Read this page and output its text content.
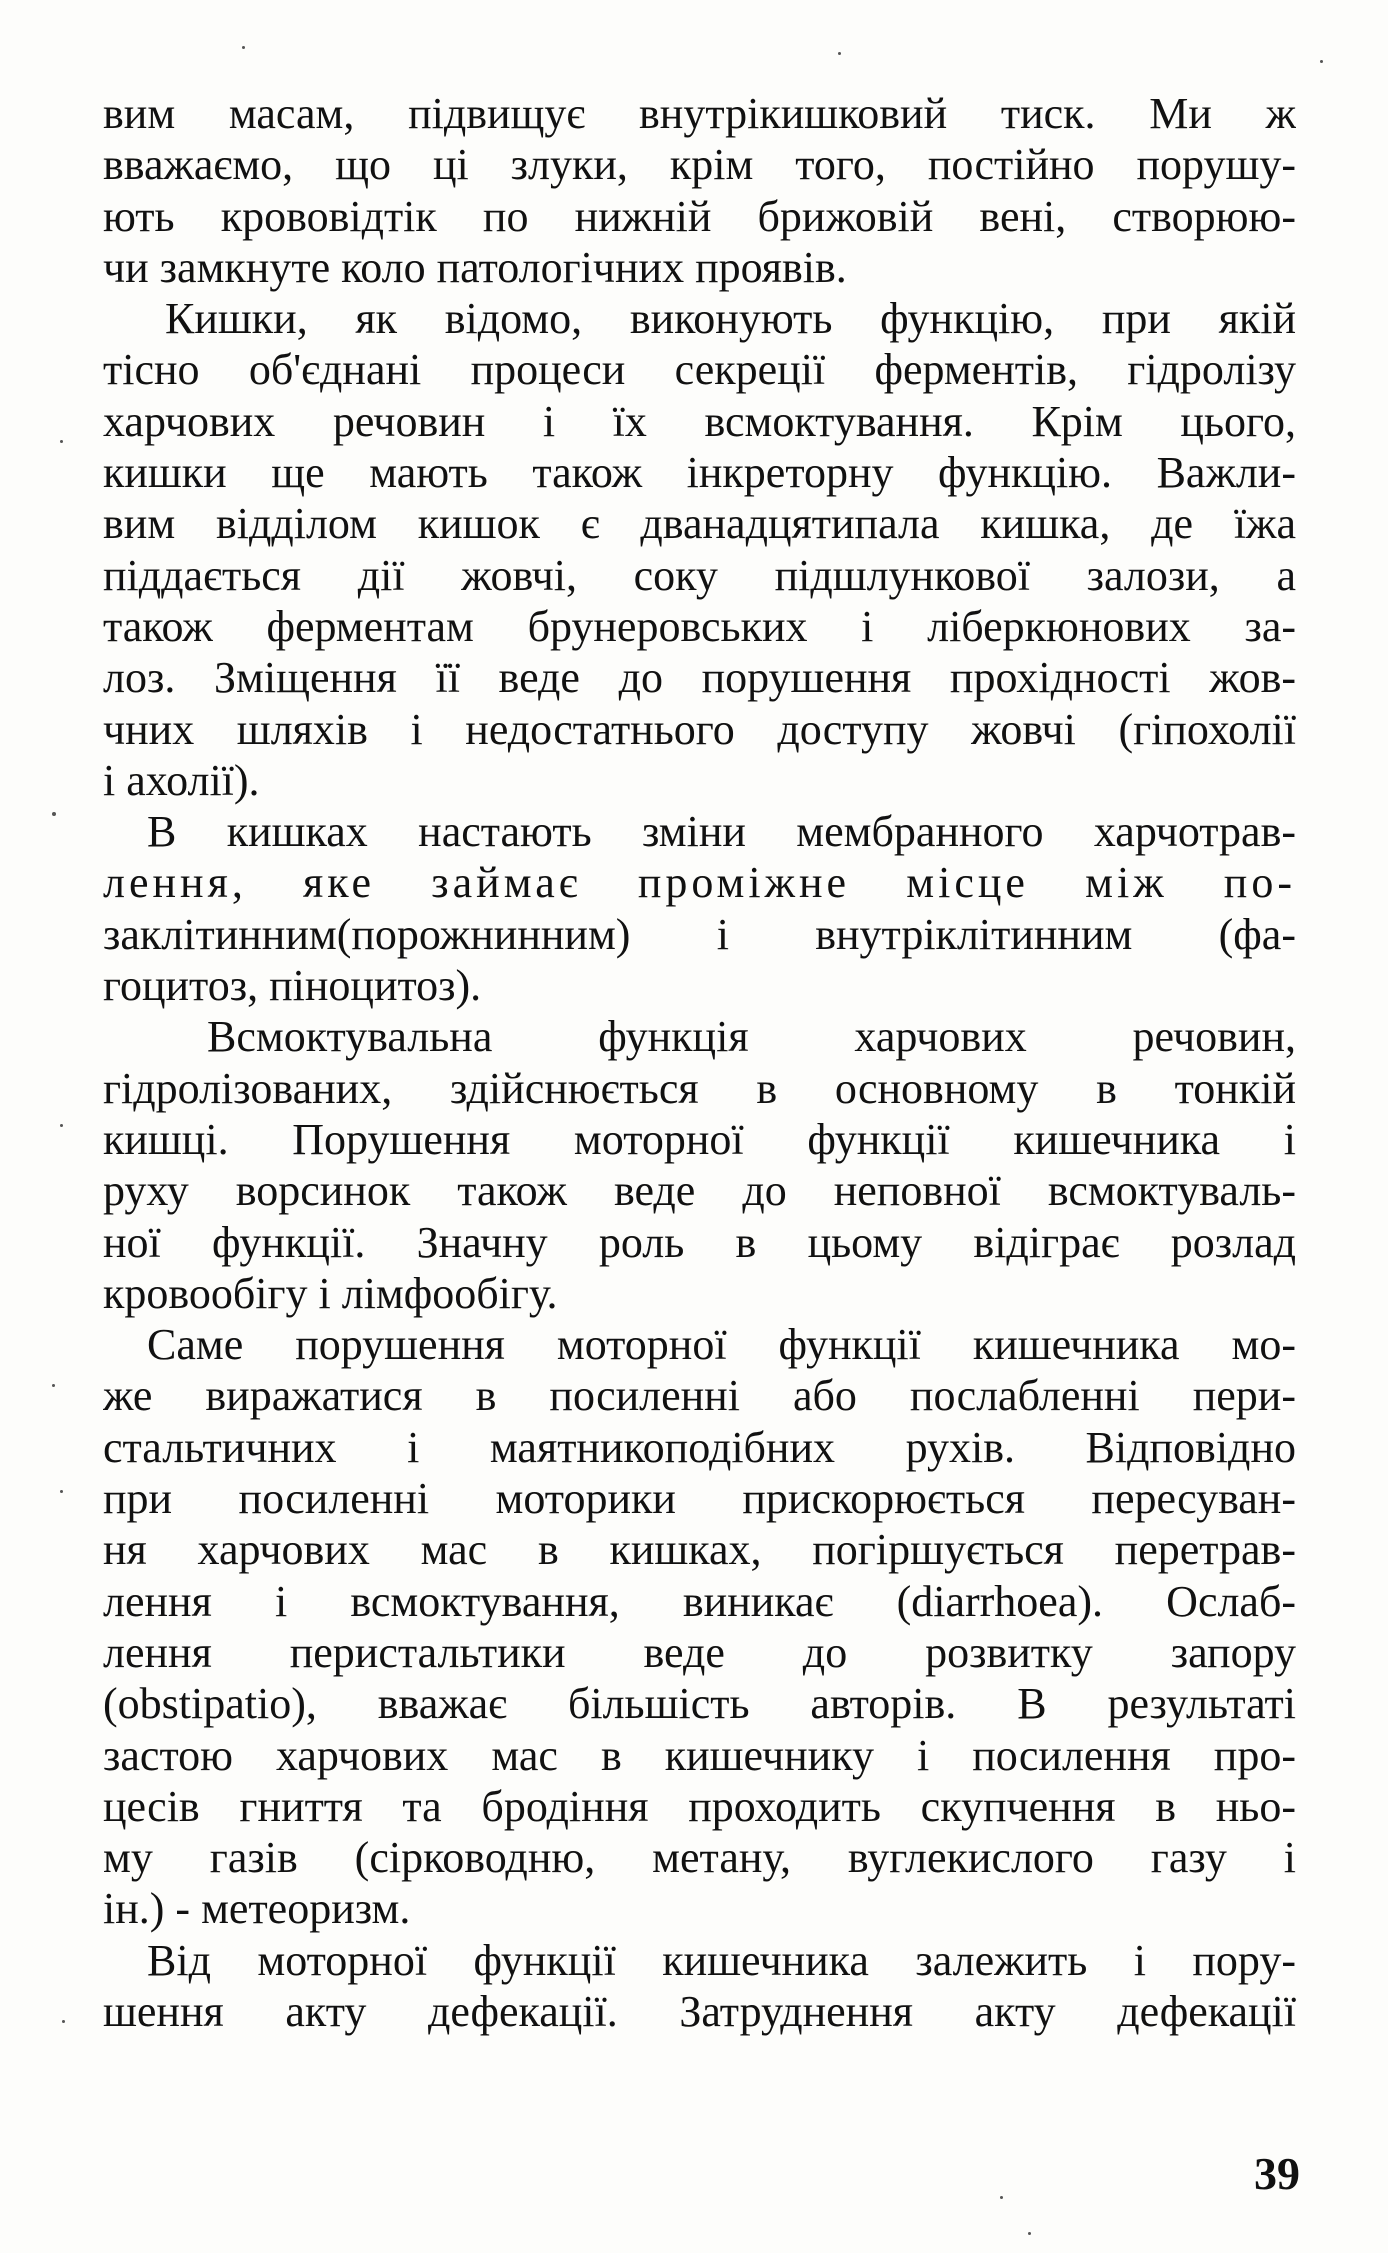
вим масам, підвищує внутрікишковий тиск. Ми ж
вважаємо, що ці злуки, крім того, постійно порушу-
ють крововідтік по нижній брижовій вені, створюю-
чи замкнуте коло патологічних проявів.
Кишки, як відомо, виконують функцію, при якій
тісно об'єднані процеси секреції ферментів, гідролізу
харчових речовин і їх всмоктування. Крім цього,
кишки ще мають також інкреторну функцію. Важли-
вим відділом кишок є дванадцятипала кишка, де їжа
піддається дії жовчі, соку підшлункової залози, а
також ферментам брунеровських і ліберкюнових за-
лоз. Зміщення її веде до порушення прохідності жов-
чних шляхів і недостатнього доступу жовчі (гіпохолії
і ахолії).
В кишках настають зміни мембранного харчотрав-
лення, яке займає проміжне місце між по-
заклітинним(порожнинним) і внутріклітинним (фа-
гоцитоз, піноцитоз).
Всмоктувальна функція харчових речовин,
гідролізованих, здійснюється в основному в тонкій
кишці. Порушення моторної функції кишечника і
руху ворсинок також веде до неповної всмоктуваль-
ної функції. Значну роль в цьому відіграє розлад
кровообігу і лімфообігу.
Саме порушення моторної функції кишечника мо-
же виражатися в посиленні або послабленні пери-
стальтичних і маятникоподібних рухів. Відповідно
при посиленні моторики прискорюється пересуван-
ня харчових мас в кишках, погіршується перетрав-
лення і всмоктування, виникає (diarrhoea). Ослаб-
лення перистальтики веде до розвитку запору
(obstipatio), вважає більшість авторів. В результаті
застою харчових мас в кишечнику і посилення про-
цесів гниття та бродіння проходить скупчення в ньо-
му газів (сірководню, метану, вуглекислого газу і
ін.) - метеоризм.
Від моторної функції кишечника залежить і пору-
шення акту дефекації. Затруднення акту дефекації
39
